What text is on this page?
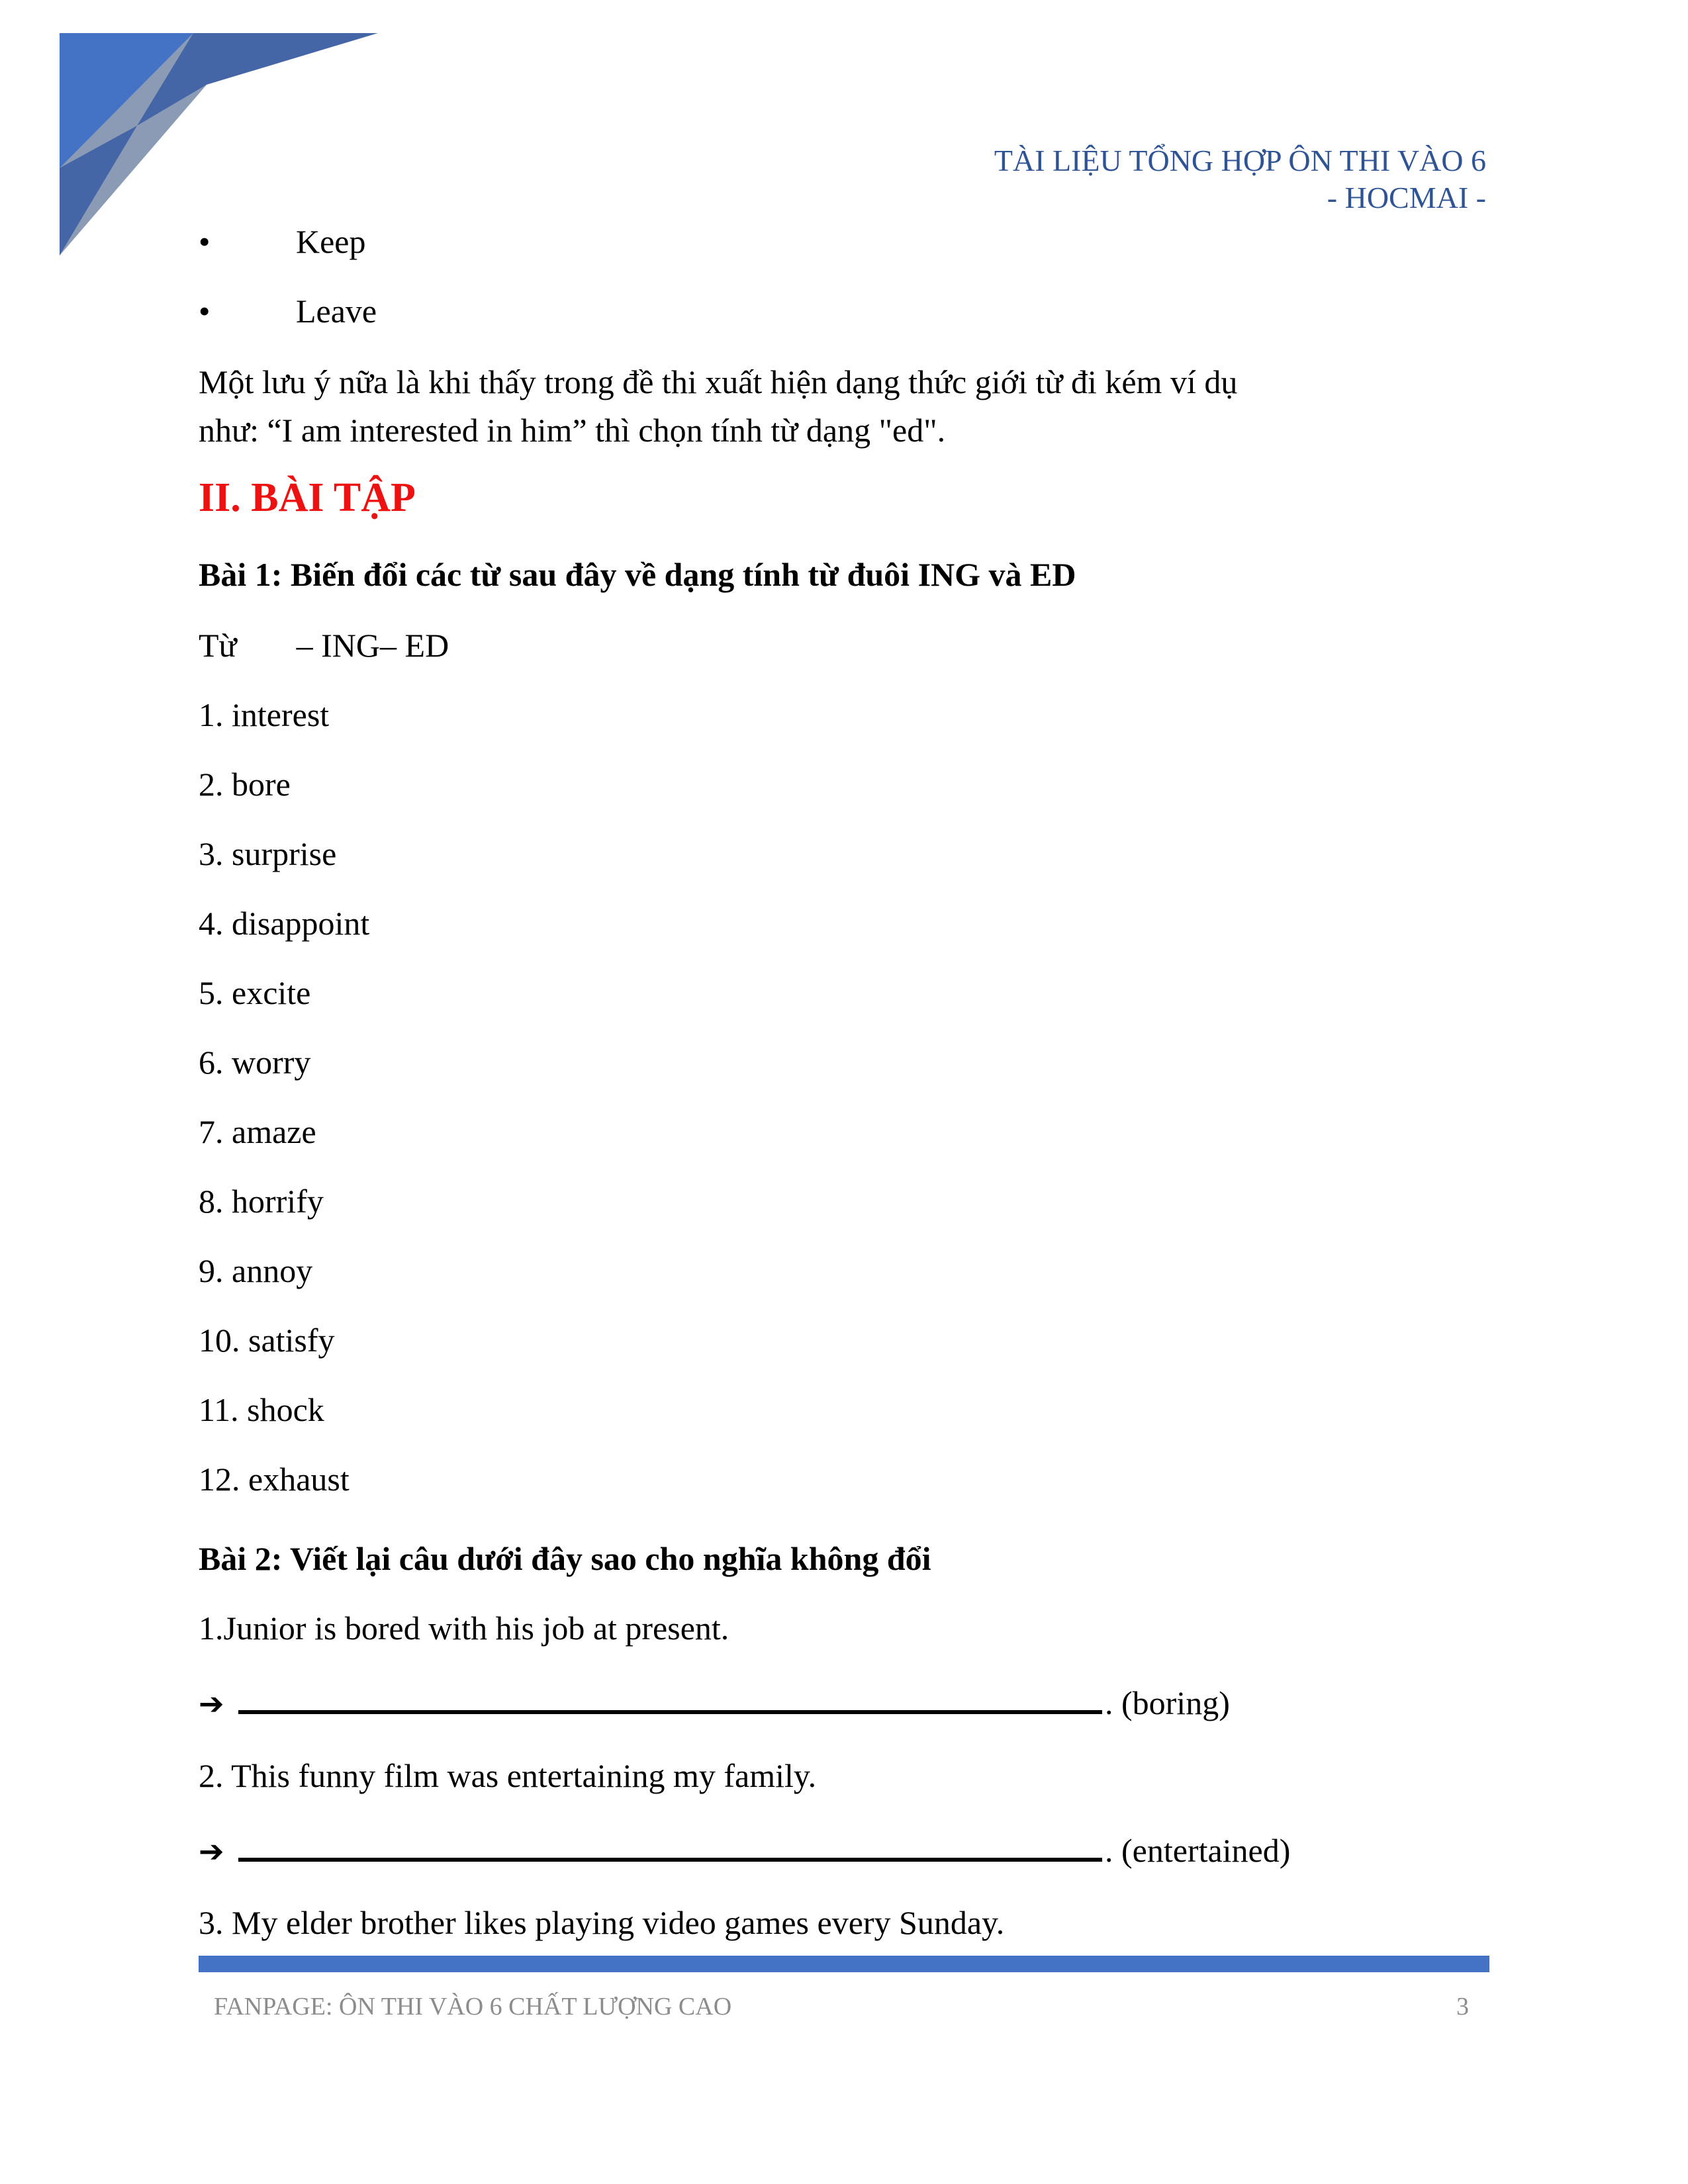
TÀI LIỆU TỔNG HỢP ÔN THI VÀO 6
- HOCMAI -
•	Keep
•	Leave
Một lưu ý nữa là khi thấy trong đề thi xuất hiện dạng thức giới từ đi kém ví dụ
như: “I am interested in him” thì chọn tính từ dạng "ed".
II. BÀI TẬP
Bài 1: Biến đổi các từ sau đây về dạng tính từ đuôi ING và ED
Từ – ING– ED
1. interest
2. bore
3. surprise
4. disappoint
5. excite
6. worry
7. amaze
8. horrify
9. annoy
10. satisfy
11. shock
12. exhaust
Bài 2: Viết lại câu dưới đây sao cho nghĩa không đổi
1.Junior is bored with his job at present.
➔	. (boring)
2. This funny film was entertaining my family.
➔	. (entertained)
3. My elder brother likes playing video games every Sunday.
FANPAGE: ÔN THI VÀO 6 CHẤT LƯỢNG CAO	3
